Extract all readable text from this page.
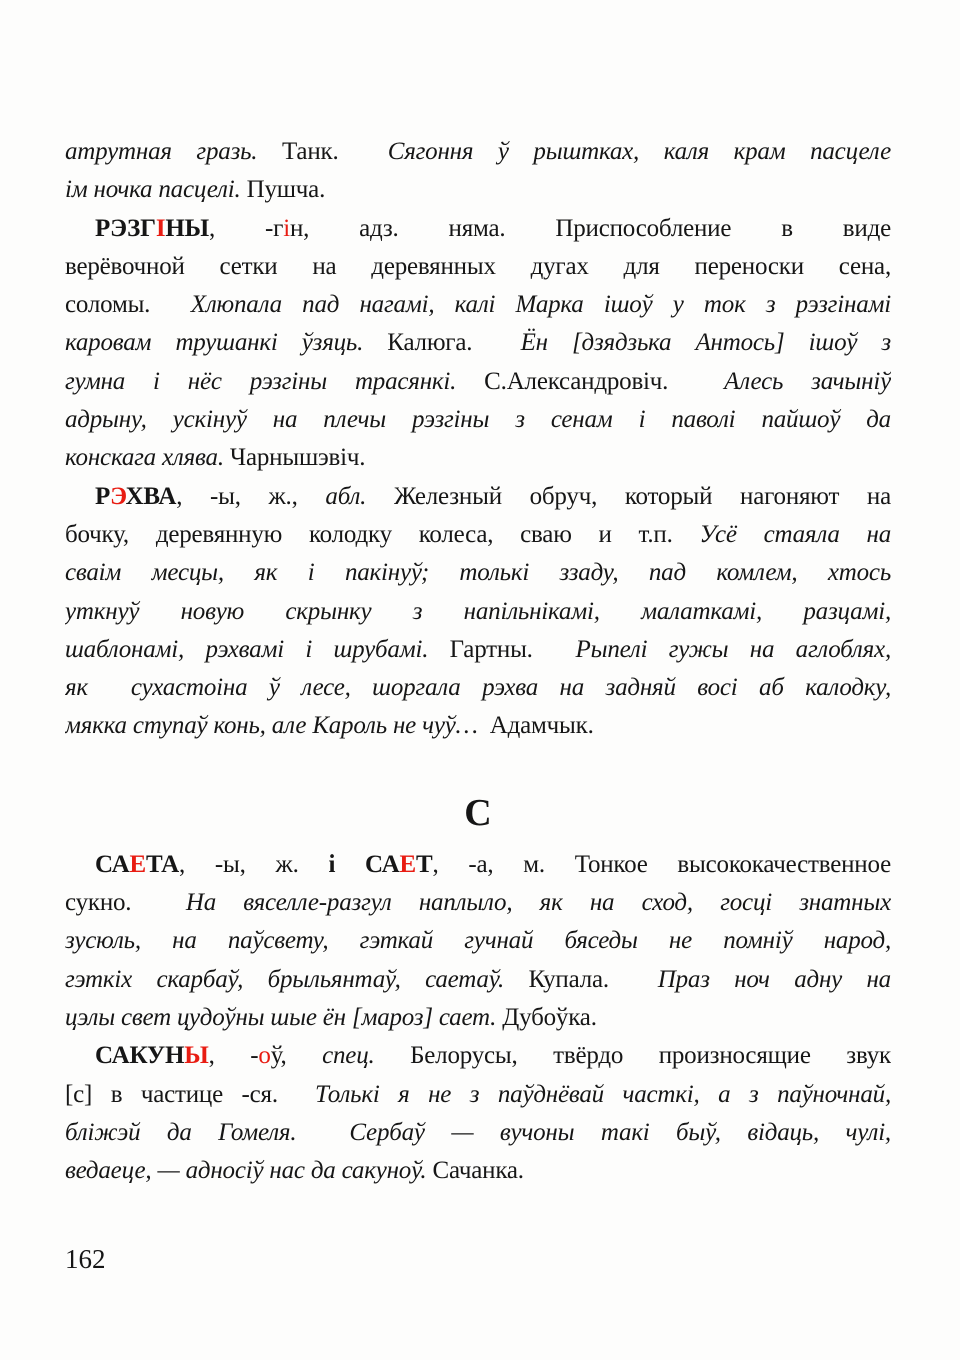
атрутная гразь. Танк.  Сягоння ў рыштках, каля крам пасцеле
ім ночка пасцелі. Пушча.
РЭЗГІНЫ, -гін, адз. няма. Приспособление в виде
верёвочной сетки на деревянных дугах для переноски сена,
соломы.  Хлюпала пад нагамі, калі Марка ішоў у ток з рэзгінамі
каровам трушанкі ўзяць. Калюга.  Ён [дзядзька Антось] ішоў з
гумна і нёс рэзгіны трасянкі. С.Александровіч.  Алесь зачыніў
адрыну, ускінуў на плечы рэзгіны з сенам і паволі пайшоў да
конскага хлява. Чарнышэвіч.
РЭХВА, -ы, ж., абл. Железный обруч, который нагоняют на
бочку, деревянную колодку колеса, сваю и т.п. Усё стаяла на
сваім месцы, як і пакінуў; толькі ззаду, пад комлем, хтось
уткнуў новую скрынку з напільнікамі, малаткамі, разцамі,
шаблонамі, рэхвамі і шрубамі. Гартны.  Рыпелі гужы на аглоблях,
як  сухастоіна ў лесе, шоргала рэхва на задняй восі аб калодку,
мякка ступаў конь, але Кароль не чуў…  Адамчык.
С
САЕТА, -ы, ж. і САЕТ, -а, м. Тонкое высококачественное
сукно.  На вяселле-разгул наплыло, як на сход, госці знатных
зусюль, на паўсвету, гэткай гучнай бяседы не помніў народ,
гэткіх скарбаў, брыльянтаў, саетаў. Купала.  Праз ноч адну на
цэлы свет цудоўны шые ён [мароз] сает. Дубоўка.
САКУНЫ, -оў, спец. Белорусы, твёрдо произносящие звук
[с] в частице -ся.  Толькі я не з паўднёвай часткі, а з паўночнай,
бліжэй да Гомеля.  Сербаў — вучоны такі быў, відаць, чулі,
ведаеце, — адносіў нас да сакуноў. Сачанка.
162
